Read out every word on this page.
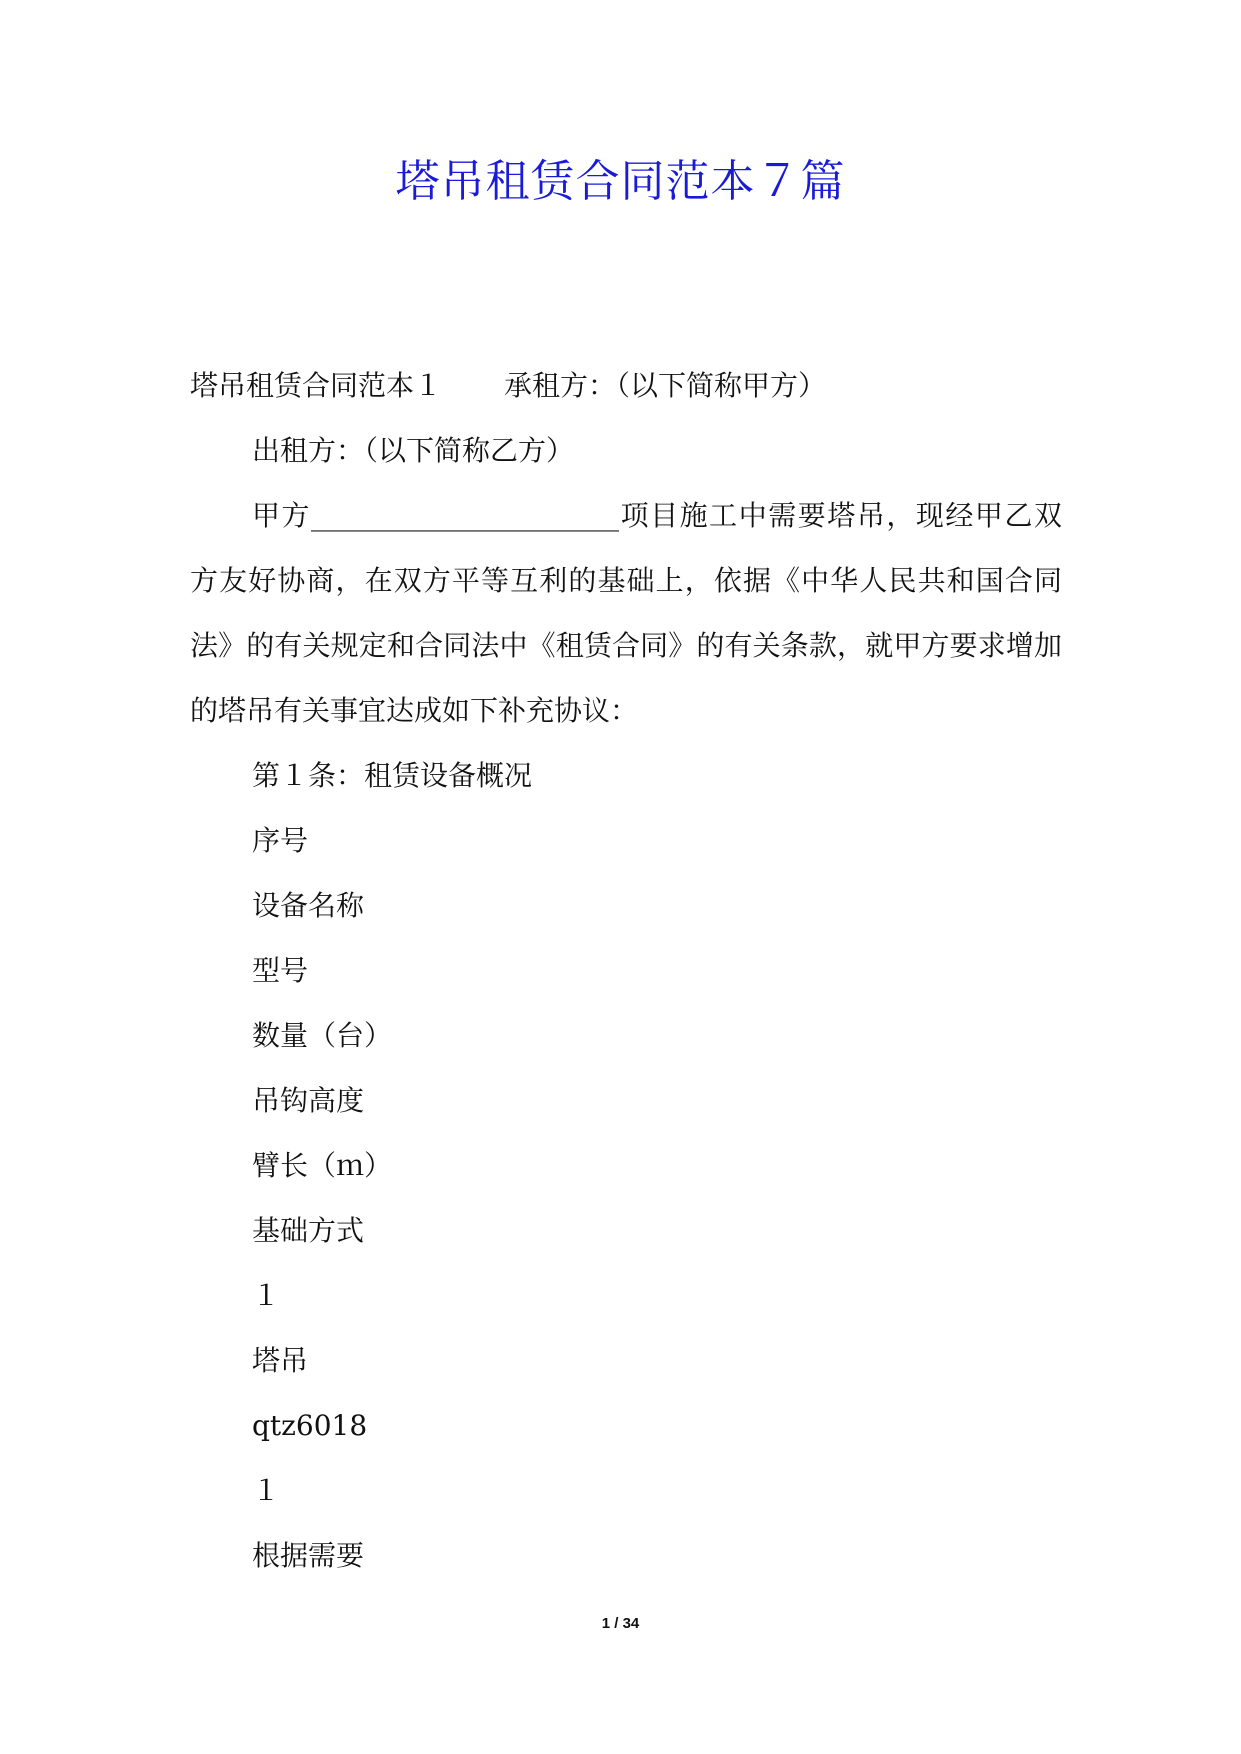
塔吊租赁合同范本７篇

塔吊租赁合同范本１ 承租方：（以下简称甲方）

出租方：（以下简称乙方）

甲方______________________项目施工中需要塔吊，现经甲乙双方友好协商，在双方平等互利的基础上，依据《中华人民共和国合同法》的有关规定和合同法中《租赁合同》的有关条款，就甲方要求增加的塔吊有关事宜达成如下补充协议：

第１条：租赁设备概况

序号

设备名称

型号

数量（台）

吊钩高度

臂长（ｍ）

基础方式

１

塔吊

qtz6018

１

根据需要

1 / 34
